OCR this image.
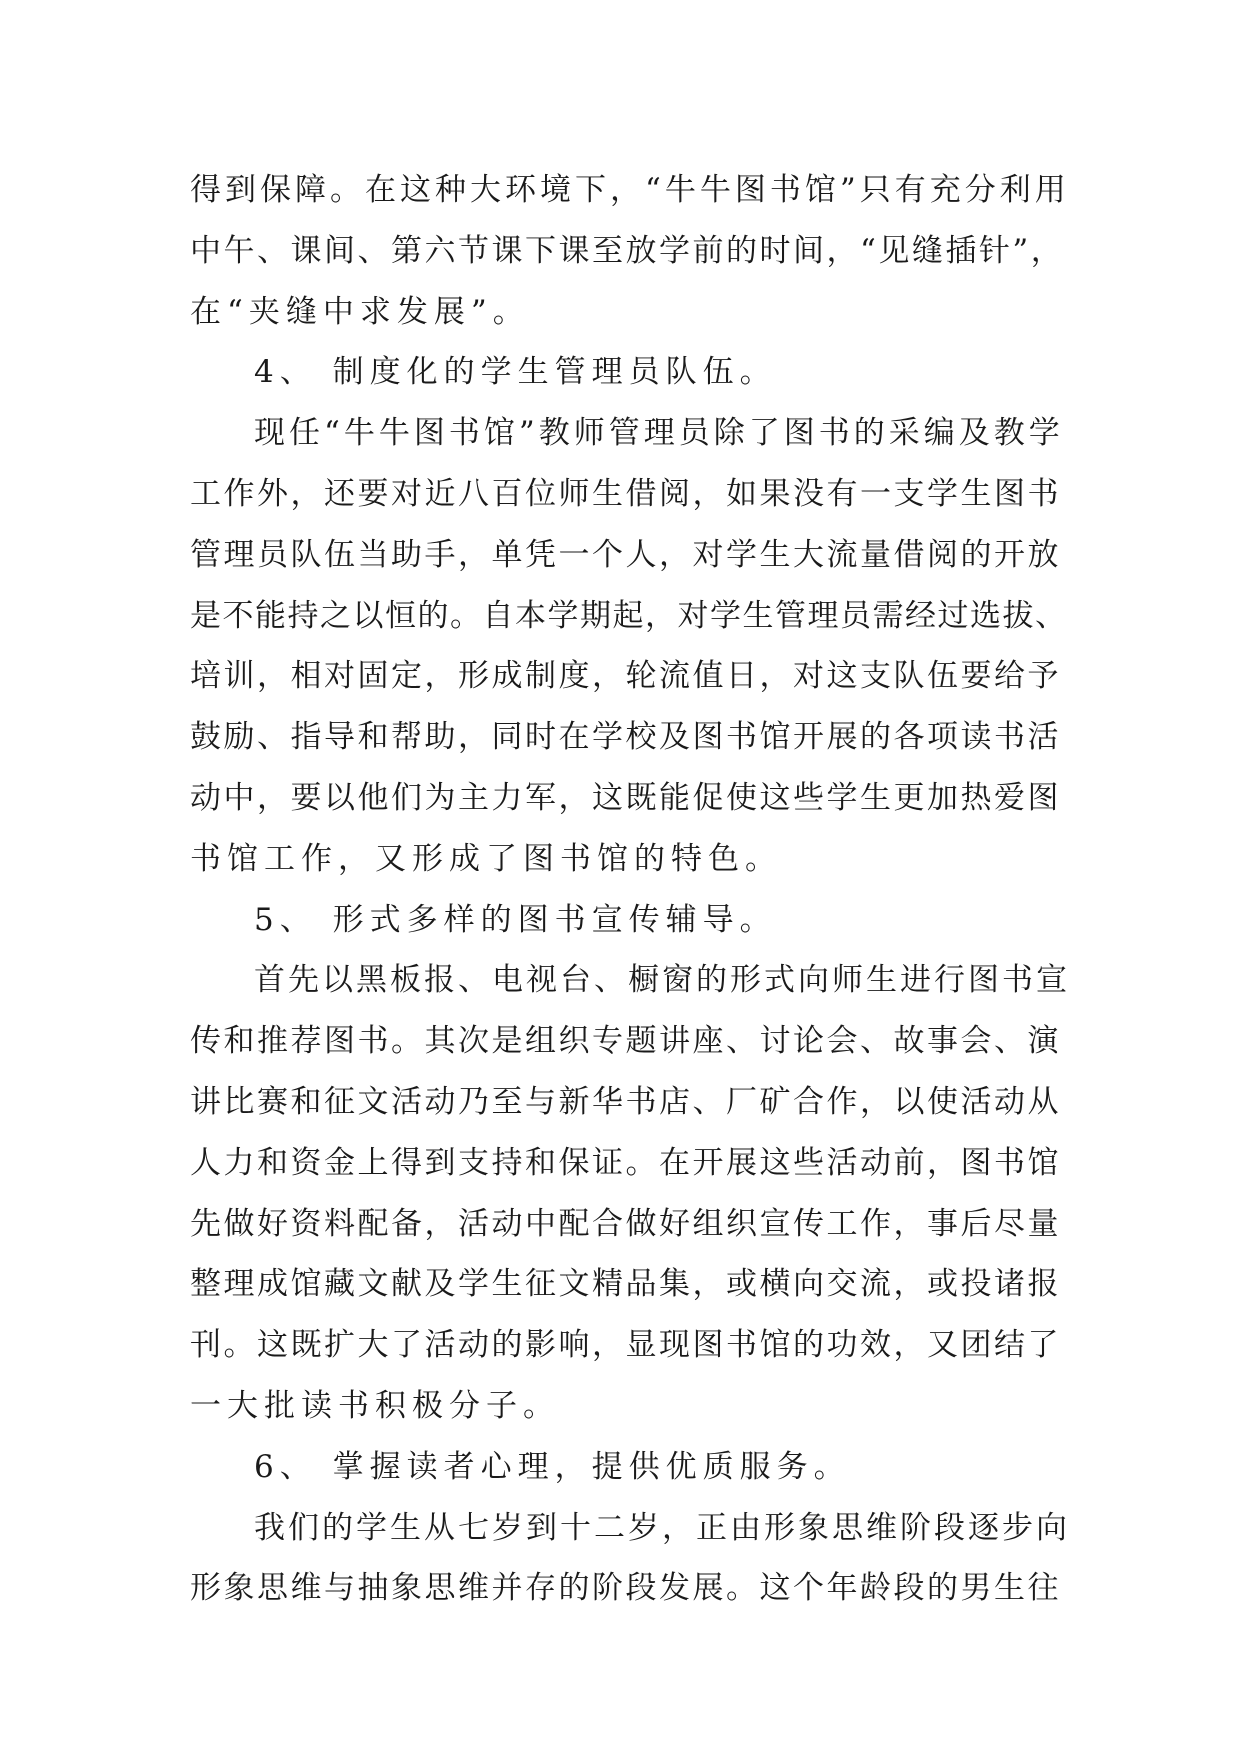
得到保障。在这种大环境下，“牛牛图书馆”只有充分利用
中午、课间、第六节课下课至放学前的时间，“见缝插针”，
在“夹缝中求发展”。
4、 制度化的学生管理员队伍。
现任“牛牛图书馆”教师管理员除了图书的采编及教学
工作外，还要对近八百位师生借阅，如果没有一支学生图书
管理员队伍当助手，单凭一个人，对学生大流量借阅的开放
是不能持之以恒的。自本学期起，对学生管理员需经过选拔、
培训，相对固定，形成制度，轮流值日，对这支队伍要给予
鼓励、指导和帮助，同时在学校及图书馆开展的各项读书活
动中，要以他们为主力军，这既能促使这些学生更加热爱图
书馆工作，又形成了图书馆的特色。
5、 形式多样的图书宣传辅导。
首先以黑板报、电视台、橱窗的形式向师生进行图书宣
传和推荐图书。其次是组织专题讲座、讨论会、故事会、演
讲比赛和征文活动乃至与新华书店、厂矿合作，以使活动从
人力和资金上得到支持和保证。在开展这些活动前，图书馆
先做好资料配备，活动中配合做好组织宣传工作，事后尽量
整理成馆藏文献及学生征文精品集，或横向交流，或投诸报
刊。这既扩大了活动的影响，显现图书馆的功效，又团结了
一大批读书积极分子。
6、 掌握读者心理，提供优质服务。
我们的学生从七岁到十二岁，正由形象思维阶段逐步向
形象思维与抽象思维并存的阶段发展。这个年龄段的男生往
